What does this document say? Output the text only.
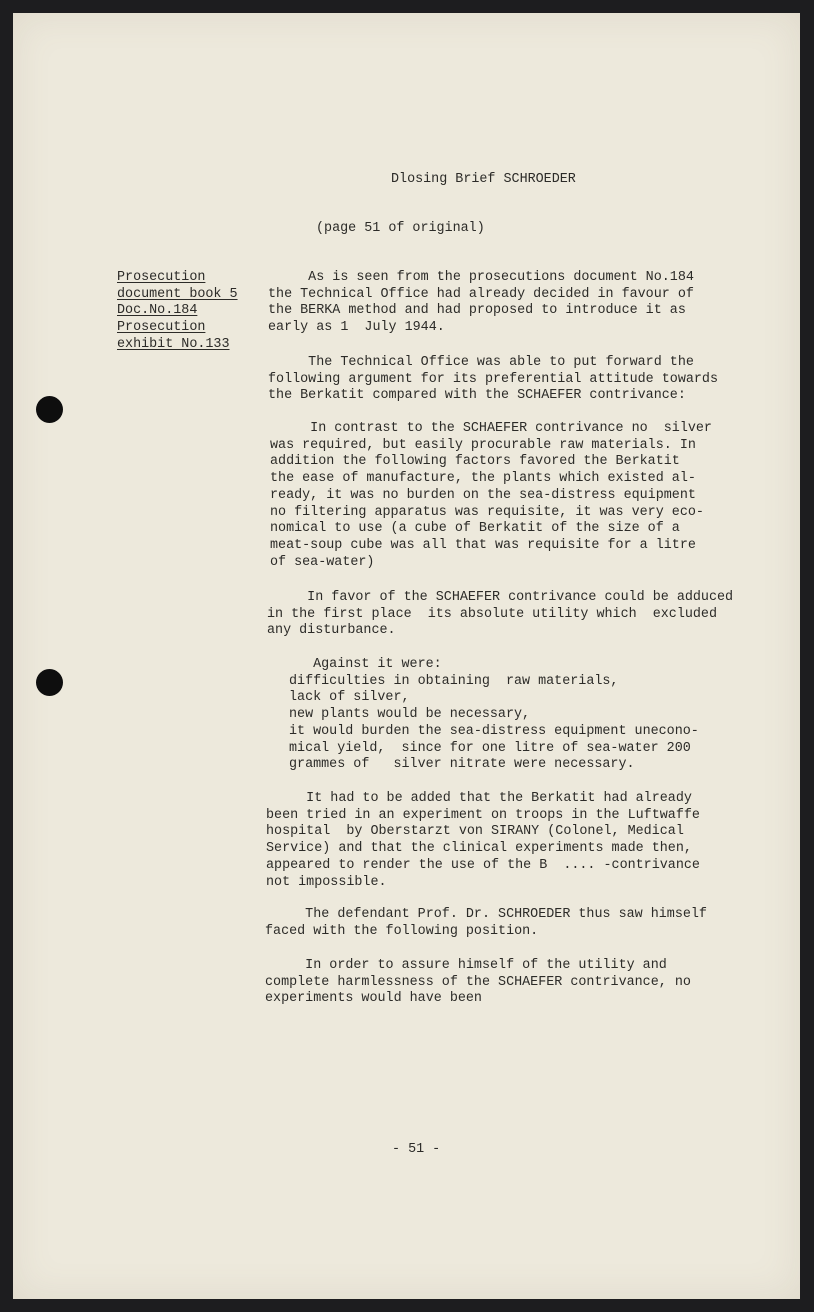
Dlosing Brief SCHROEDER
(page 51 of original)
Prosecution
document book 5
Doc.No.184
Prosecution
exhibit No.133
As is seen from the prosecutions document No.184
the Technical Office had already decided in favour of
the BERKA method and had proposed to introduce it as
early as 1  July 1944.
The Technical Office was able to put forward the
following argument for its preferential attitude towards
the Berkatit compared with the SCHAEFER contrivance:
In contrast to the SCHAEFER contrivance no  silver
was required, but easily procurable raw materials. In
addition the following factors favored the Berkatit
the ease of manufacture, the plants which existed al-
ready, it was no burden on the sea-distress equipment
no filtering apparatus was requisite, it was very eco-
nomical to use (a cube of Berkatit of the size of a
meat-soup cube was all that was requisite for a litre
of sea-water)
In favor of the SCHAEFER contrivance could be adduced
in the first place  its absolute utility which  excluded
any disturbance.
Against it were:
difficulties in obtaining  raw materials,
lack of silver,
new plants would be necessary,
it would burden the sea-distress equipment unecono-
mical yield,  since for one litre of sea-water 200
grammes of   silver nitrate were necessary.
It had to be added that the Berkatit had already
been tried in an experiment on troops in the Luftwaffe
hospital  by Oberstarzt von SIRANY (Colonel, Medical
Service) and that the clinical experiments made then,
appeared to render the use of the B  .... -contrivance
not impossible.
The defendant Prof. Dr. SCHROEDER thus saw himself
faced with the following position.
In order to assure himself of the utility and
complete harmlessness of the SCHAEFER contrivance, no
experiments would have been
- 51 -
